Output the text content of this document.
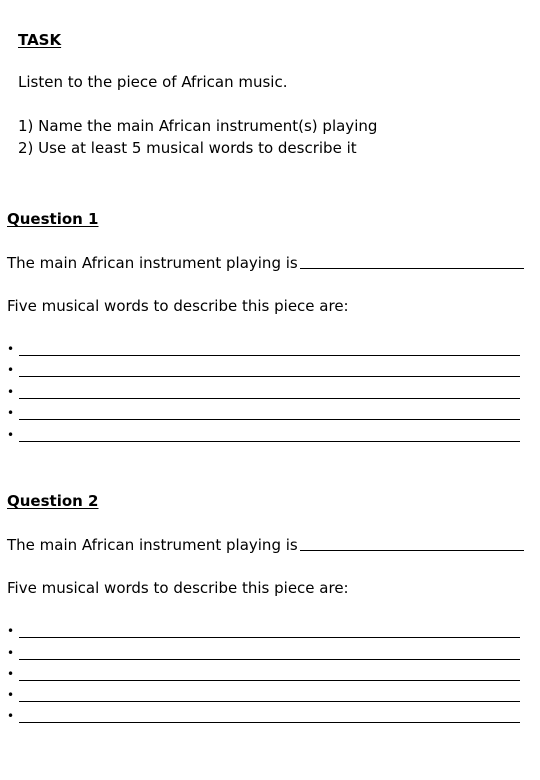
TASK
Listen to the piece of African music.
1) Name the main African instrument(s) playing
2) Use at least 5 musical words to describe it
Question 1
The main African instrument playing is
Five musical words to describe this piece are:
•
•
•
•
•
Question 2
The main African instrument playing is
Five musical words to describe this piece are:
•
•
•
•
•
